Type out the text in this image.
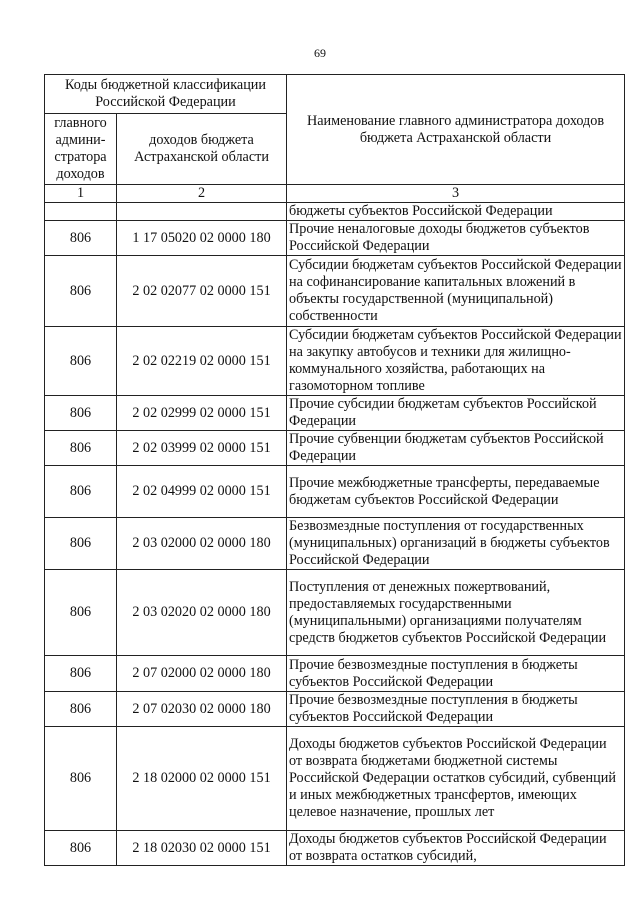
69
Коды бюджетной классификации Российской Федерации		Наименование главного администратора доходов бюджета Астраханской области
главного админи-стратора доходов	доходов бюджета Астраханской области	
1	2	3
		бюджеты субъектов Российской Федерации
806	1 17 05020 02 0000 180	Прочие неналоговые доходы бюджетов субъектов Российской Федерации
806	2 02 02077 02 0000 151	Субсидии бюджетам субъектов Российской Федерации на софинансирование капитальных вложений в объекты государственной (муниципальной) собственности
806	2 02 02219 02 0000 151	Субсидии бюджетам субъектов Российской Федерации на закупку автобусов и техники для жилищно-коммунального хозяйства, работающих на газомоторном топливе
806	2 02 02999 02 0000 151	Прочие субсидии бюджетам субъектов Российской Федерации
806	2 02 03999 02 0000 151	Прочие субвенции бюджетам субъектов Российской Федерации
806	2 02 04999 02 0000 151	Прочие межбюджетные трансферты, передаваемые бюджетам субъектов Российской Федерации
806	2 03 02000 02 0000 180	Безвозмездные поступления от государственных (муниципальных) организаций в бюджеты субъектов Российской Федерации
806	2 03 02020 02 0000 180	Поступления от денежных пожертвований, предоставляемых государственными (муниципальными) организациями получателям средств бюджетов субъектов Российской Федерации
806	2 07 02000 02 0000 180	Прочие безвозмездные поступления в бюджеты субъектов Российской Федерации
806	2 07 02030 02 0000 180	Прочие безвозмездные поступления в бюджеты субъектов Российской Федерации
806	2 18 02000 02 0000 151	Доходы бюджетов субъектов Российской Федерации от возврата бюджетами бюджетной системы Российской Федерации остатков субсидий, субвенций и иных межбюджетных трансфертов, имеющих целевое назначение, прошлых лет
806	2 18 02030 02 0000 151	Доходы бюджетов субъектов Российской Федерации от возврата остатков субсидий,
